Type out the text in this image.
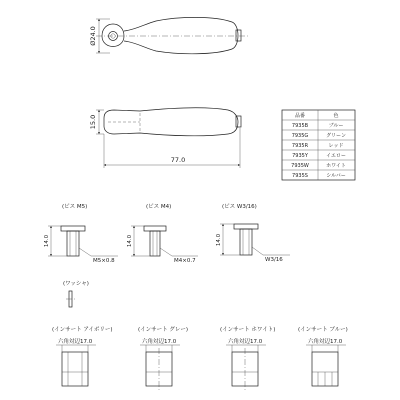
Ø24.0
15.0
77.0
品番	色
7935B	ブルー
7935G	グリーン
7935R	レッド
7935Y	イエロー
7935W	ホワイト
7935S	シルバー
(ビス M5)
14.0
M5×0.8
(ビス M4)
14.0
M4×0.7
(ビス W3/16)
14.0
W3/16
(ワッシャ)
(インサート アイボリー)
六角対辺17.0
(インサート グレー)
六角対辺17.0
(インサート ホワイト)
六角対辺17.0
(インサート ブルー)
六角対辺17.0
